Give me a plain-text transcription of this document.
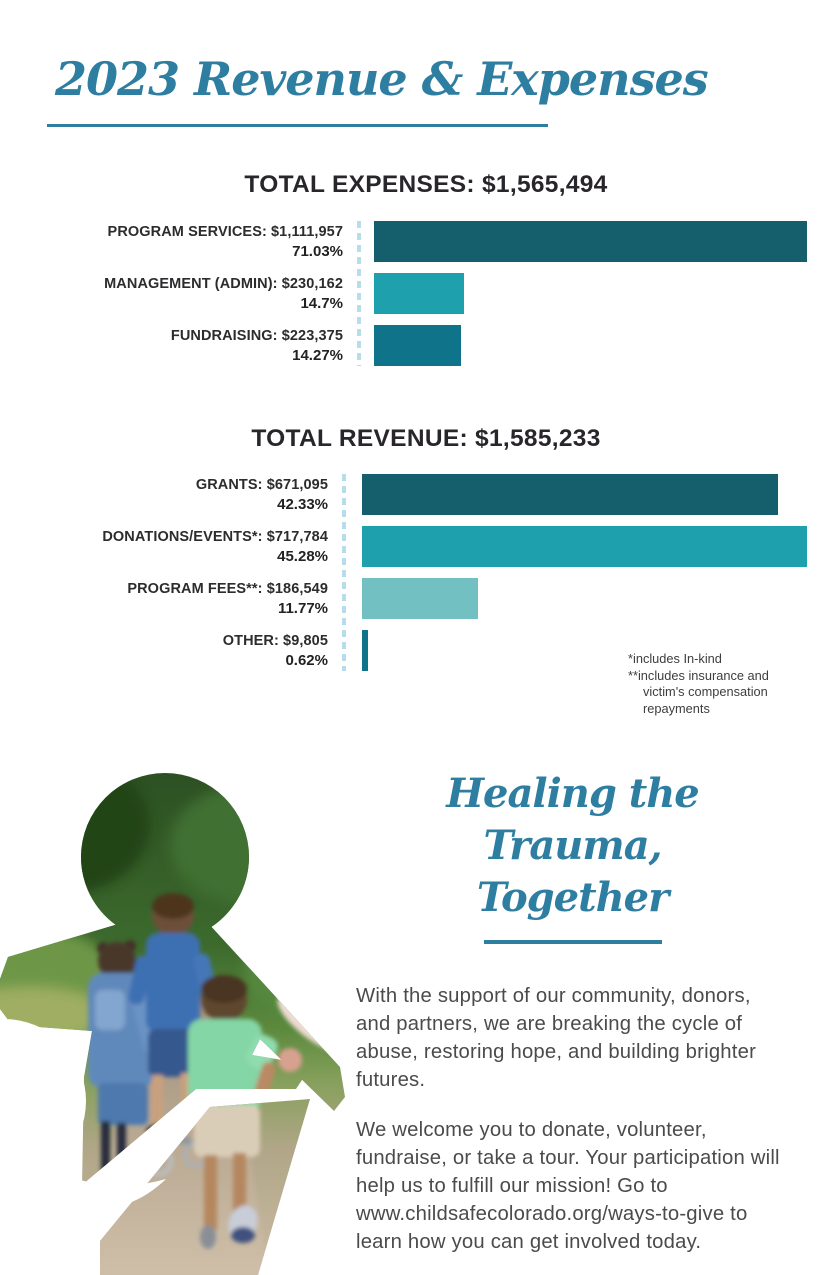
2023 Revenue & Expenses
TOTAL EXPENSES: $1,565,494
PROGRAM SERVICES: $1,111,957
71.03%
MANAGEMENT (ADMIN): $230,162
14.7%
FUNDRAISING: $223,375
14.27%
TOTAL REVENUE: $1,585,233
GRANTS: $671,095
42.33%
DONATIONS/EVENTS*: $717,784
45.28%
PROGRAM FEES**: $186,549
11.77%
OTHER: $9,805
0.62%	*includes In-kind
**includes insurance and
victim's compensation
repayments
Healing the Trauma,
Together

With the support of our community, donors, and partners, we are breaking the cycle of abuse, restoring hope, and building brighter futures.

We welcome you to donate, volunteer, fundraise, or take a tour. Your participation will help us to fulfill our mission! Go to www.childsafecolorado.org/ways-to-give to learn how you can get involved today.
